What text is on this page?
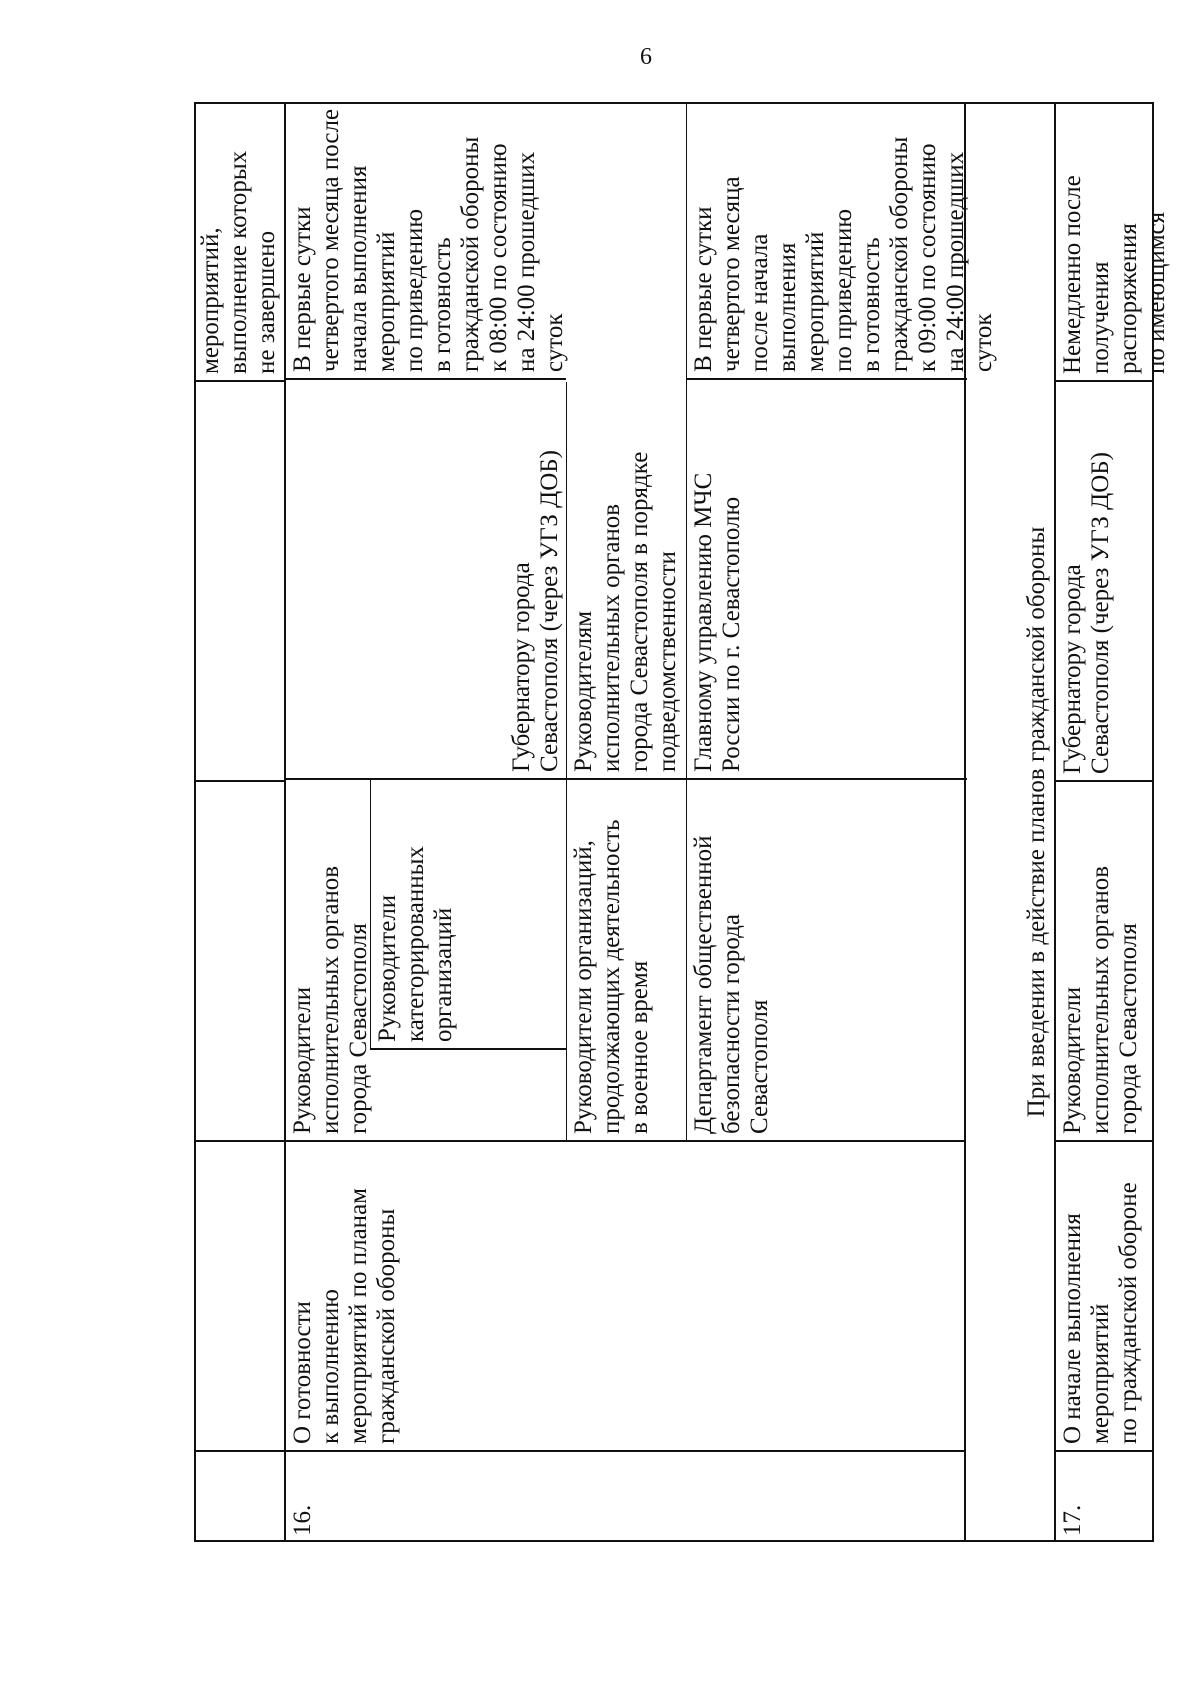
6
мероприятий,
выполнение которых
не завершено
16.
О готовности
к выполнению
мероприятий по планам
гражданской обороны
Руководители
исполнительных органов
города Севастополя Руководители
категорированных
организаций
Губернатору города
Севастополя (через УГЗ ДОБ)
В первые сутки
четвертого месяца после
начала выполнения
мероприятий
по приведению
в готовность
гражданской обороны
к 08:00 по состоянию
на 24:00 прошедших
суток
Руководители организаций,
продолжающих деятельность
в военное время
Руководителям
исполнительных органов
города Севастополя в порядке
подведомственности
Департамент общественной
безопасности города
Севастополя
Главному управлению МЧС
России по г. Севастополю
В первые сутки
четвертого месяца
после начала
выполнения
мероприятий
по приведению
в готовность
гражданской обороны
к 09:00 по состоянию
на 24:00 прошедших
суток
При введении в действие планов гражданской обороны
17.
О начале выполнения
мероприятий
по гражданской обороне
Руководители
исполнительных органов
города Севастополя
Губернатору города
Севастополя (через УГЗ ДОБ)
Немедленно после
получения распоряжения
по имеющимся
